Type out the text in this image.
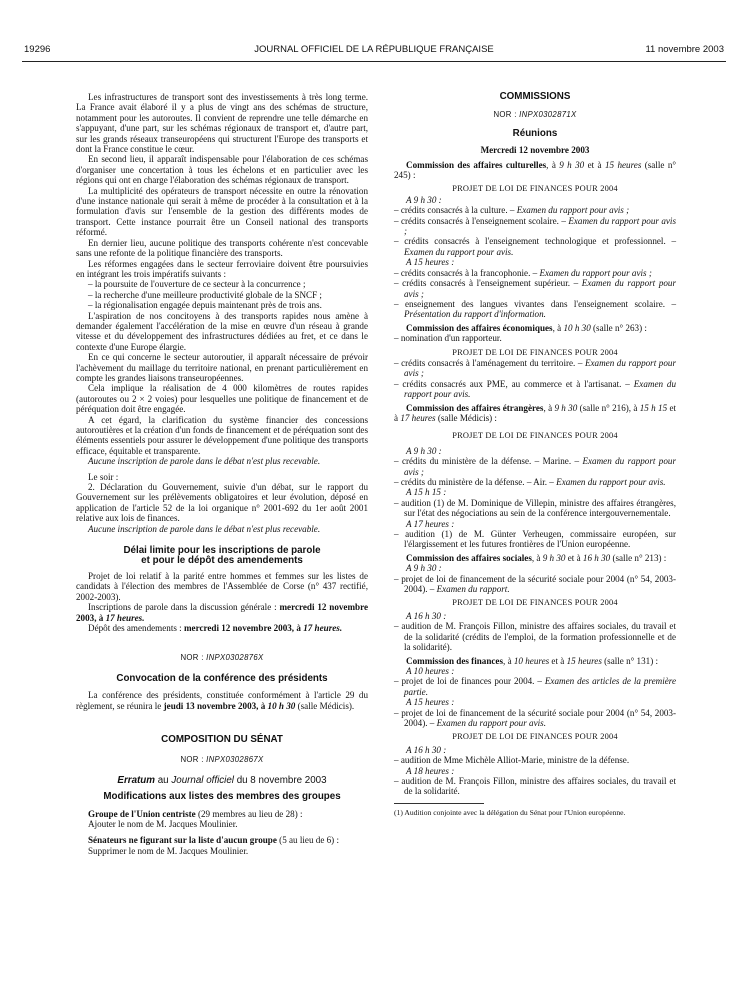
19296	JOURNAL OFFICIEL DE LA RÉPUBLIQUE FRANÇAISE	11 novembre 2003

Les infrastructures de transport sont des investissements à très long terme. La France avait élaboré il y a plus de vingt ans des schémas de structure, notamment pour les autoroutes. Il convient de reprendre une telle démarche en s'appuyant, d'une part, sur les schémas régionaux de transport et, d'autre part, sur les grands réseaux transeuropéens qui structurent l'Europe des transports et dont la France constitue le cœur.

En second lieu, il apparaît indispensable pour l'élaboration de ces schémas d'organiser une concertation à tous les échelons et en particulier avec les régions qui ont en charge l'élaboration des schémas régionaux de transport.

La multiplicité des opérateurs de transport nécessite en outre la rénovation d'une instance nationale qui serait à même de procéder à la consultation et à la formulation d'avis sur l'ensemble de la gestion des différents modes de transport. Cette instance pourrait être un Conseil national des transports réformé.

En dernier lieu, aucune politique des transports cohérente n'est concevable sans une refonte de la politique financière des transports.

Les réformes engagées dans le secteur ferroviaire doivent être poursuivies en intégrant les trois impératifs suivants :

– la poursuite de l'ouverture de ce secteur à la concurrence ;

– la recherche d'une meilleure productivité globale de la SNCF ;

– la régionalisation engagée depuis maintenant près de trois ans.

L'aspiration de nos concitoyens à des transports rapides nous amène à demander également l'accélération de la mise en œuvre d'un réseau à grande vitesse et du développement des infrastructures dédiées au fret, et ce dans le contexte d'une Europe élargie.

En ce qui concerne le secteur autoroutier, il apparaît nécessaire de prévoir l'achèvement du maillage du territoire national, en prenant particulièrement en compte les grandes liaisons transeuropéennes.

Cela implique la réalisation de 4 000 kilomètres de routes rapides (autoroutes ou 2 × 2 voies) pour lesquelles une politique de financement et de péréquation doit être engagée.

A cet égard, la clarification du système financier des concessions autoroutières et la création d'un fonds de financement et de péréquation sont des éléments essentiels pour assurer le développement d'une politique des transports efficace, équitable et transparente.

Aucune inscription de parole dans le débat n'est plus recevable.

Le soir :

2. Déclaration du Gouvernement, suivie d'un débat, sur le rapport du Gouvernement sur les prélèvements obligatoires et leur évolution, déposé en application de l'article 52 de la loi organique n° 2001-692 du 1er août 2001 relative aux lois de finances.

Aucune inscription de parole dans le débat n'est plus recevable.

Délai limite pour les inscriptions de parole

et pour le dépôt des amendements

Projet de loi relatif à la parité entre hommes et femmes sur les listes de candidats à l'élection des membres de l'Assemblée de Corse (n° 437 rectifié, 2002-2003).

Inscriptions de parole dans la discussion générale : mercredi 12 novembre 2003, à 17 heures.

Dépôt des amendements : mercredi 12 novembre 2003, à 17 heures.

NOR : INPX0302876X

Convocation de la conférence des présidents

La conférence des présidents, constituée conformément à l'article 29 du règlement, se réunira le jeudi 13 novembre 2003, à 10 h 30 (salle Médicis).

COMPOSITION DU SÉNAT

NOR : INPX0302867X

Erratum au Journal officiel du 8 novembre 2003

Modifications aux listes des membres des groupes

Groupe de l'Union centriste (29 membres au lieu de 28) :

Ajouter le nom de M. Jacques Moulinier.

Sénateurs ne figurant sur la liste d'aucun groupe (5 au lieu de 6) :

Supprimer le nom de M. Jacques Moulinier.

COMMISSIONS

NOR : INPX0302871X

Réunions

Mercredi 12 novembre 2003

Commission des affaires culturelles, à 9 h 30 et à 15 heures (salle n° 245) :

PROJET DE LOI DE FINANCES POUR 2004

A 9 h 30 :

– crédits consacrés à la culture. – Examen du rapport pour avis ;

– crédits consacrés à l'enseignement scolaire. – Examen du rapport pour avis ;

– crédits consacrés à l'enseignement technologique et professionnel. – Examen du rapport pour avis.

A 15 heures :

– crédits consacrés à la francophonie. – Examen du rapport pour avis ;

– crédits consacrés à l'enseignement supérieur. – Examen du rapport pour avis ;

– enseignement des langues vivantes dans l'enseignement scolaire. – Présentation du rapport d'information.

Commission des affaires économiques, à 10 h 30 (salle n° 263) :

– nomination d'un rapporteur.

PROJET DE LOI DE FINANCES POUR 2004

– crédits consacrés à l'aménagement du territoire. – Examen du rapport pour avis ;

– crédits consacrés aux PME, au commerce et à l'artisanat. – Examen du rapport pour avis.

Commission des affaires étrangères, à 9 h 30 (salle n° 216), à 15 h 15 et à 17 heures (salle Médicis) :

PROJET DE LOI DE FINANCES POUR 2004

A 9 h 30 :

– crédits du ministère de la défense. – Marine. – Examen du rapport pour avis ;

– crédits du ministère de la défense. – Air. – Examen du rapport pour avis.

A 15 h 15 :

– audition (1) de M. Dominique de Villepin, ministre des affaires étrangères, sur l'état des négociations au sein de la conférence intergouvernementale.

A 17 heures :

– audition (1) de M. Günter Verheugen, commissaire européen, sur l'élargissement et les futures frontières de l'Union européenne.

Commission des affaires sociales, à 9 h 30 et à 16 h 30 (salle n° 213) :

A 9 h 30 :

– projet de loi de financement de la sécurité sociale pour 2004 (n° 54, 2003-2004). – Examen du rapport.

PROJET DE LOI DE FINANCES POUR 2004

A 16 h 30 :

– audition de M. François Fillon, ministre des affaires sociales, du travail et de la solidarité (crédits de l'emploi, de la formation professionnelle et de la solidarité).

Commission des finances, à 10 heures et à 15 heures (salle n° 131) :

A 10 heures :

– projet de loi de finances pour 2004. – Examen des articles de la première partie.

A 15 heures :

– projet de loi de financement de la sécurité sociale pour 2004 (n° 54, 2003-2004). – Examen du rapport pour avis.

PROJET DE LOI DE FINANCES POUR 2004

A 16 h 30 :

– audition de Mme Michèle Alliot-Marie, ministre de la défense.

A 18 heures :

– audition de M. François Fillon, ministre des affaires sociales, du travail et de la solidarité.

(1) Audition conjointe avec la délégation du Sénat pour l'Union européenne.
